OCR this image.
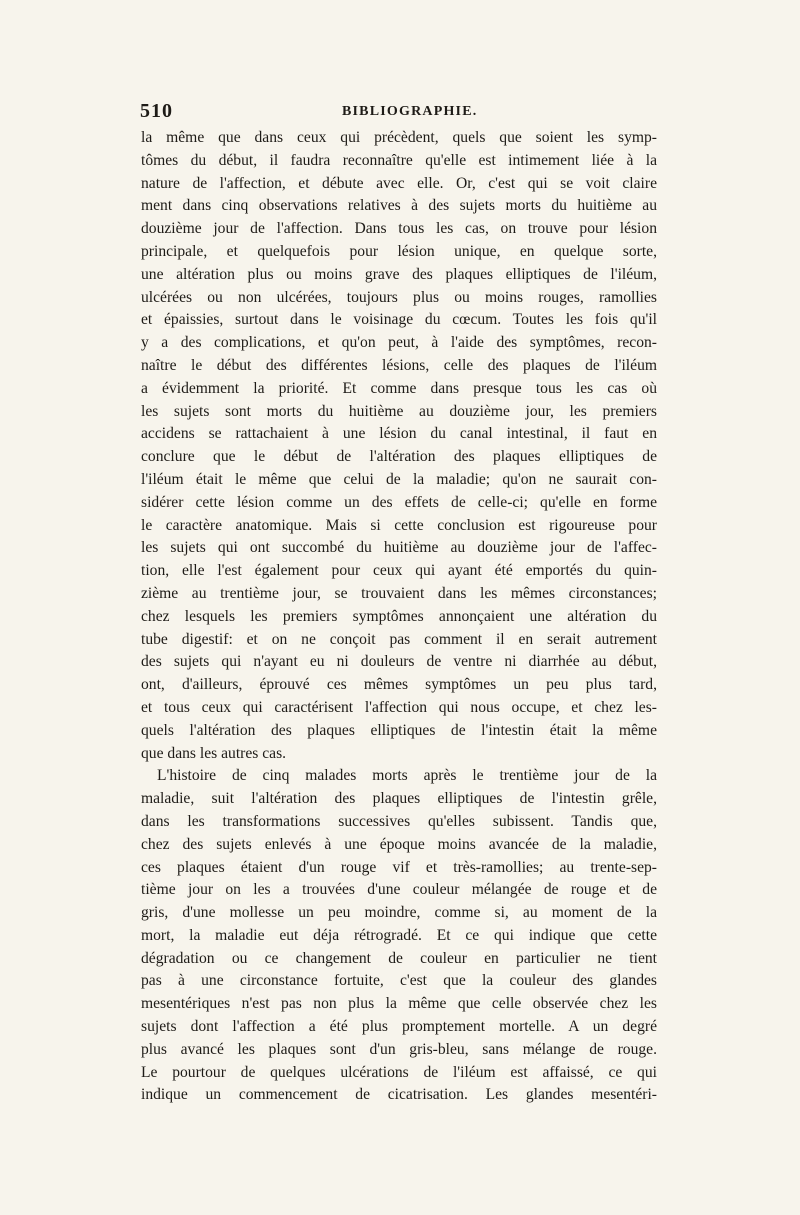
510	BIBLIOGRAPHIE.
la même que dans ceux qui précèdent, quels que soient les symp-
tômes du début, il faudra reconnaître qu'elle est intimement liée à la
nature de l'affection, et débute avec elle. Or, c'est qui se voit claire
ment dans cinq observations relatives à des sujets morts du huitième au
douzième jour de l'affection. Dans tous les cas, on trouve pour lésion
principale, et quelquefois pour lésion unique, en quelque sorte,
une altération plus ou moins grave des plaques elliptiques de l'iléum,
ulcérées ou non ulcérées, toujours plus ou moins rouges, ramollies
et épaissies, surtout dans le voisinage du cœcum. Toutes les fois qu'il
y a des complications, et qu'on peut, à l'aide des symptômes, recon-
naître le début des différentes lésions, celle des plaques de l'iléum
a évidemment la priorité. Et comme dans presque tous les cas où
les sujets sont morts du huitième au douzième jour, les premiers
accidens se rattachaient à une lésion du canal intestinal, il faut en
conclure que le début de l'altération des plaques elliptiques de
l'iléum était le même que celui de la maladie; qu'on ne saurait con-
sidérer cette lésion comme un des effets de celle-ci; qu'elle en forme
le caractère anatomique. Mais si cette conclusion est rigoureuse pour
les sujets qui ont succombé du huitième au douzième jour de l'affec-
tion, elle l'est également pour ceux qui ayant été emportés du quin-
zième au trentième jour, se trouvaient dans les mêmes circonstances;
chez lesquels les premiers symptômes annonçaient une altération du
tube digestif: et on ne conçoit pas comment il en serait autrement
des sujets qui n'ayant eu ni douleurs de ventre ni diarrhée au début,
ont, d'ailleurs, éprouvé ces mêmes symptômes un peu plus tard,
et tous ceux qui caractérisent l'affection qui nous occupe, et chez les-
quels l'altération des plaques elliptiques de l'intestin était la même
que dans les autres cas.
L'histoire de cinq malades morts après le trentième jour de la
maladie, suit l'altération des plaques elliptiques de l'intestin grêle,
dans les transformations successives qu'elles subissent. Tandis que,
chez des sujets enlevés à une époque moins avancée de la maladie,
ces plaques étaient d'un rouge vif et très-ramollies; au trente-sep-
tième jour on les a trouvées d'une couleur mélangée de rouge et de
gris, d'une mollesse un peu moindre, comme si, au moment de la
mort, la maladie eut déja rétrogradé. Et ce qui indique que cette
dégradation ou ce changement de couleur en particulier ne tient
pas à une circonstance fortuite, c'est que la couleur des glandes
mesentériques n'est pas non plus la même que celle observée chez les
sujets dont l'affection a été plus promptement mortelle. A un degré
plus avancé les plaques sont d'un gris-bleu, sans mélange de rouge.
Le pourtour de quelques ulcérations de l'iléum est affaissé, ce qui
indique un commencement de cicatrisation. Les glandes mesentéri-
